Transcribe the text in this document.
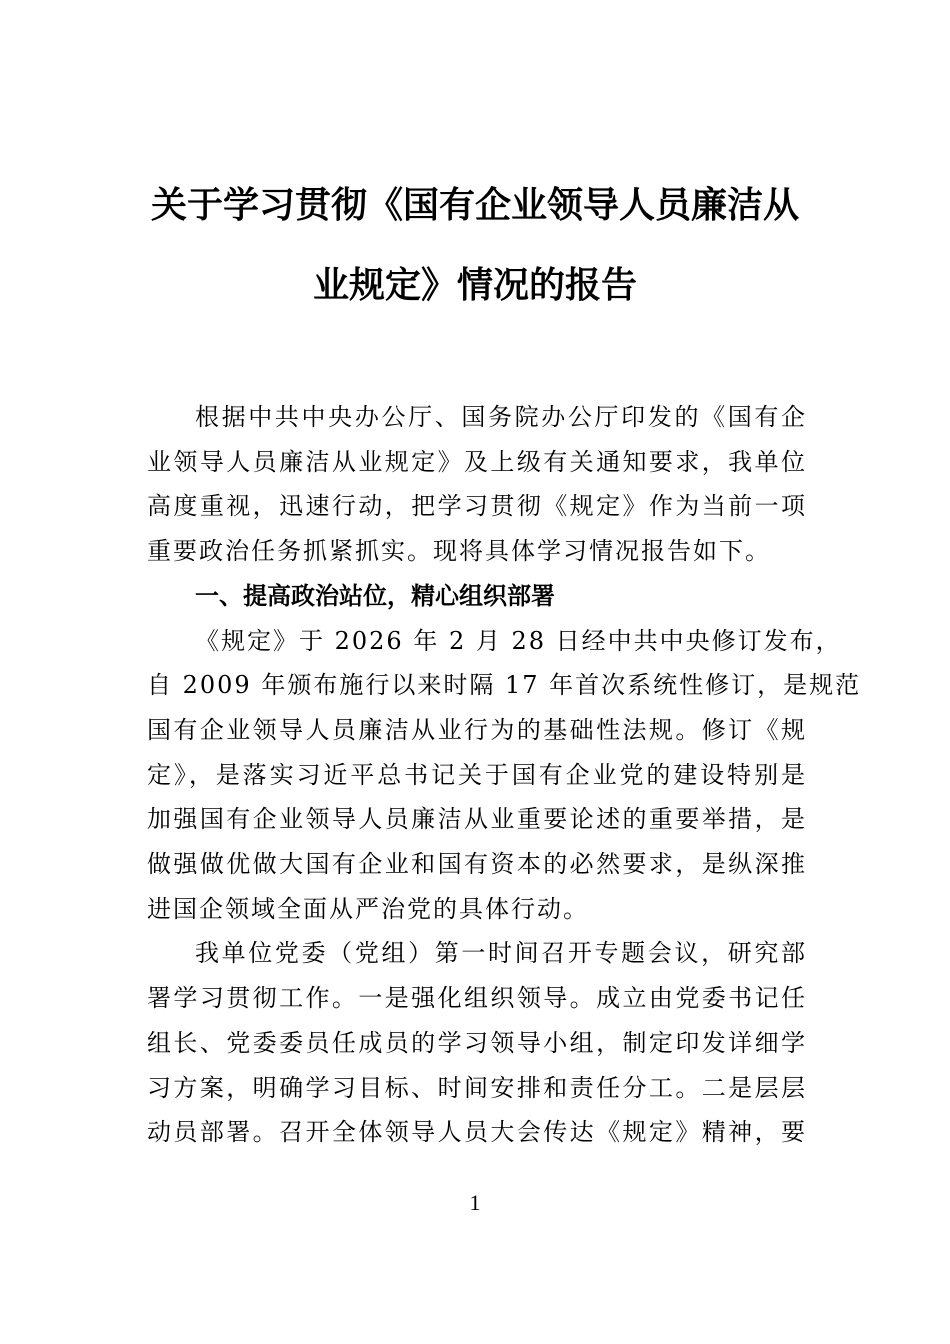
关于学习贯彻《国有企业领导人员廉洁从
业规定》情况的报告

根据中共中央办公厅、国务院办公厅印发的《国有企
业领导人员廉洁从业规定》及上级有关通知要求，我单位
高度重视，迅速行动，把学习贯彻《规定》作为当前一项
重要政治任务抓紧抓实。现将具体学习情况报告如下。

一、提高政治站位，精心组织部署

《规定》于 2026 年 2 月 28 日经中共中央修订发布，
自 2009 年颁布施行以来时隔 17 年首次系统性修订，是规范
国有企业领导人员廉洁从业行为的基础性法规。修订《规
定》，是落实习近平总书记关于国有企业党的建设特别是
加强国有企业领导人员廉洁从业重要论述的重要举措，是
做强做优做大国有企业和国有资本的必然要求，是纵深推
进国企领域全面从严治党的具体行动。

我单位党委（党组）第一时间召开专题会议，研究部
署学习贯彻工作。一是强化组织领导。成立由党委书记任
组长、党委委员任成员的学习领导小组，制定印发详细学
习方案，明确学习目标、时间安排和责任分工。二是层层
动员部署。召开全体领导人员大会传达《规定》精神，要

1
